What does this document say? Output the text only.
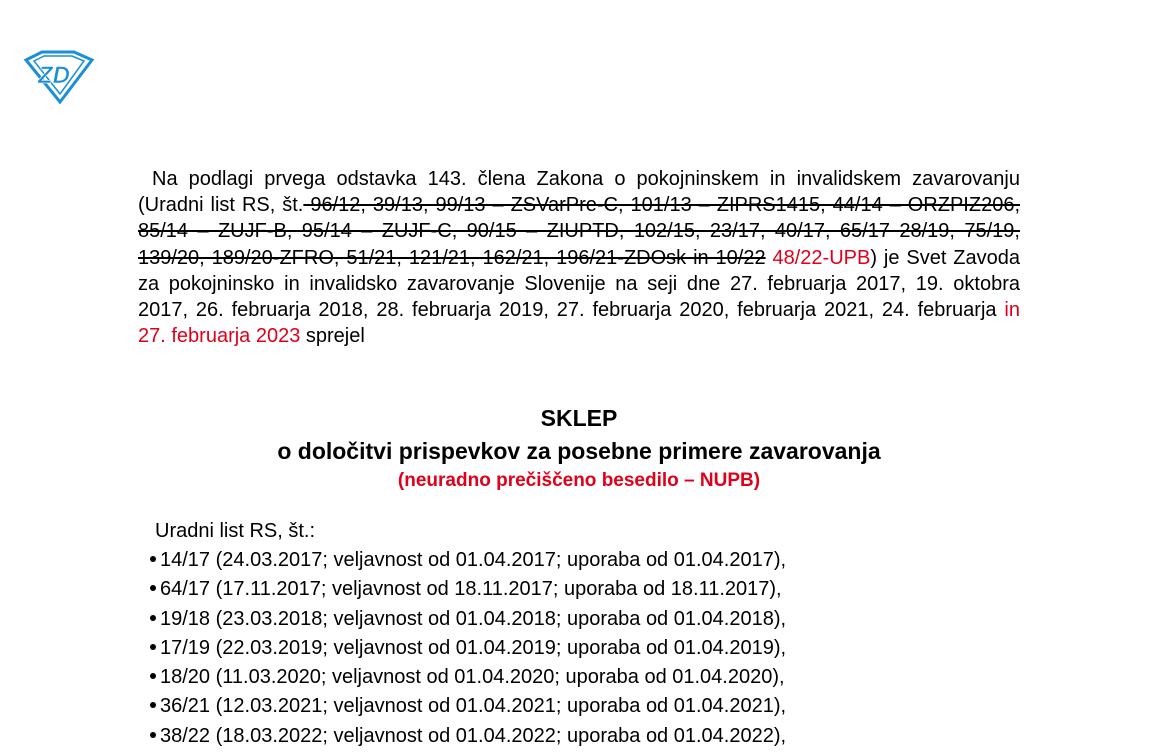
ZD

Na podlagi prvega odstavka 143. člena Zakona o pokojninskem in invalidskem zavarovanju (Uradni list RS, št. 96/12, 39/13, 99/13 – ZSVarPre-C, 101/13 – ZIPRS1415, 44/14 – ORZPIZ206, 85/14 – ZUJF-B, 95/14 – ZUJF-C, 90/15 – ZIUPTD, 102/15, 23/17, 40/17, 65/17 28/19, 75/19, 139/20, 189/20-ZFRO, 51/21, 121/21, 162/21, 196/21-ZDOsk in 10/22 48/22-UPB) je Svet Zavoda za pokojninsko in invalidsko zavarovanje Slovenije na seji dne 27. februarja 2017, 19. oktobra 2017, 26. februarja 2018, 28. februarja 2019, 27. februarja 2020, februarja 2021, 24. februarja in 27. februarja 2023 sprejel

SKLEP
o določitvi prispevkov za posebne primere zavarovanja
(neuradno prečiščeno besedilo – NUPB)

Uradni list RS, št.:

14/17 (24.03.2017; veljavnost od 01.04.2017; uporaba od 01.04.2017),
64/17 (17.11.2017; veljavnost od 18.11.2017; uporaba od 18.11.2017),
19/18 (23.03.2018; veljavnost od 01.04.2018; uporaba od 01.04.2018),
17/19 (22.03.2019; veljavnost od 01.04.2019; uporaba od 01.04.2019),
18/20 (11.03.2020; veljavnost od 01.04.2020; uporaba od 01.04.2020),
36/21 (12.03.2021; veljavnost od 01.04.2021; uporaba od 01.04.2021),
38/22 (18.03.2022; veljavnost od 01.04.2022; uporaba od 01.04.2022),
